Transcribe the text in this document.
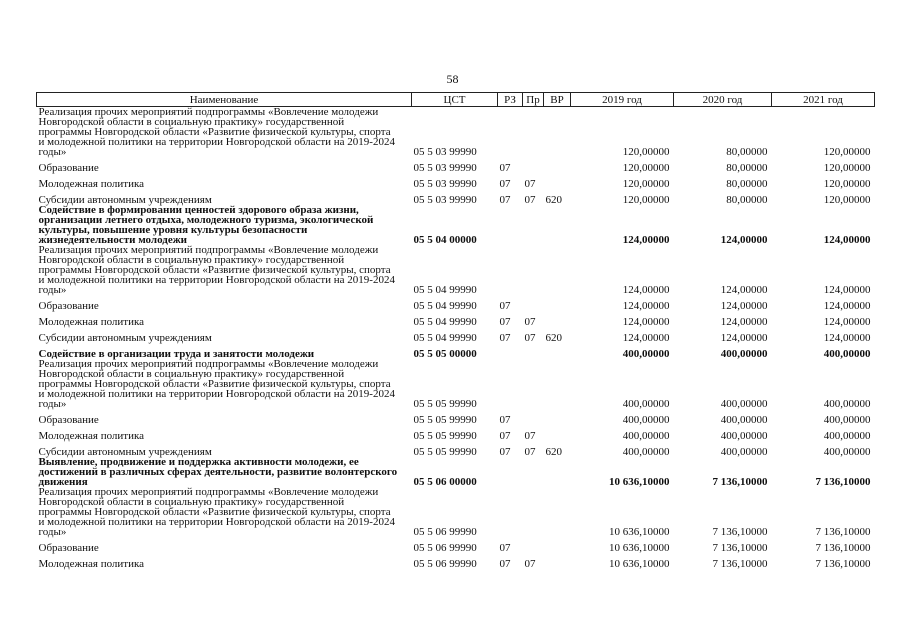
58
Наименование	ЦСТ	РЗ	Пр	ВР	2019 год	2020 год	2021 год
Реализация прочих мероприятий подпрограммы «Вовлечение молодежи Новгородской области в социальную практику» государственной программы Новгородской области «Развитие физической культуры, спорта и молодежной политики на территории Новгородской области на 2019-2024 годы»	05 5 03 99990				120,00000	80,00000	120,00000
Образование	05 5 03 99990	07			120,00000	80,00000	120,00000
Молодежная политика	05 5 03 99990	07	07		120,00000	80,00000	120,00000
Субсидии автономным учреждениям	05 5 03 99990	07	07	620	120,00000	80,00000	120,00000
Содействие в формировании ценностей здорового образа жизни, организации летнего отдыха, молодежного туризма, экологической культуры, повышение уровня культуры безопасности жизнедеятельности молодежи	05 5 04 00000				124,00000	124,00000	124,00000
Реализация прочих мероприятий подпрограммы «Вовлечение молодежи Новгородской области в социальную практику» государственной программы Новгородской области «Развитие физической культуры, спорта и молодежной политики на территории Новгородской области на 2019-2024 годы»	05 5 04 99990				124,00000	124,00000	124,00000
Образование	05 5 04 99990	07			124,00000	124,00000	124,00000
Молодежная политика	05 5 04 99990	07	07		124,00000	124,00000	124,00000
Субсидии автономным учреждениям	05 5 04 99990	07	07	620	124,00000	124,00000	124,00000
Содействие в организации труда и занятости молодежи	05 5 05 00000				400,00000	400,00000	400,00000
Реализация прочих мероприятий подпрограммы «Вовлечение молодежи Новгородской области в социальную практику» государственной программы Новгородской области «Развитие физической культуры, спорта и молодежной политики на территории Новгородской области на 2019-2024 годы»	05 5 05 99990				400,00000	400,00000	400,00000
Образование	05 5 05 99990	07			400,00000	400,00000	400,00000
Молодежная политика	05 5 05 99990	07	07		400,00000	400,00000	400,00000
Субсидии автономным учреждениям	05 5 05 99990	07	07	620	400,00000	400,00000	400,00000
Выявление, продвижение и поддержка активности молодежи, ее достижений в различных сферах деятельности, развитие волонтерского движения	05 5 06 00000				10 636,10000	7 136,10000	7 136,10000
Реализация прочих мероприятий подпрограммы «Вовлечение молодежи Новгородской области в социальную практику» государственной программы Новгородской области «Развитие физической культуры, спорта и молодежной политики на территории Новгородской области на 2019-2024 годы»	05 5 06 99990				10 636,10000	7 136,10000	7 136,10000
Образование	05 5 06 99990	07			10 636,10000	7 136,10000	7 136,10000
Молодежная политика	05 5 06 99990	07	07		10 636,10000	7 136,10000	7 136,10000
